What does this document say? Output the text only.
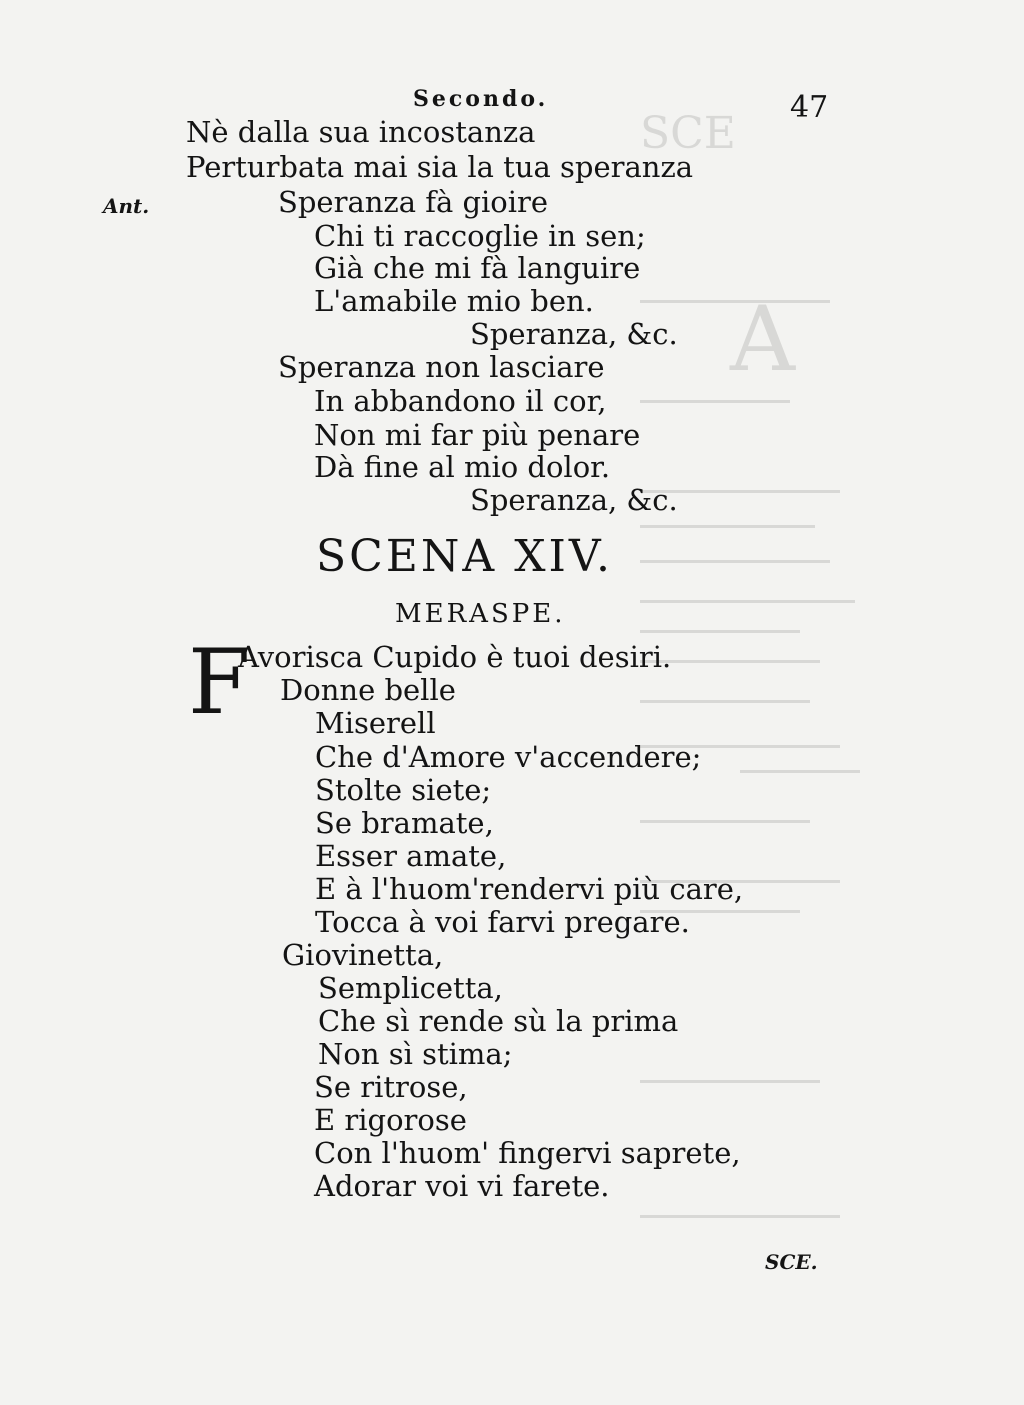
SCE
A
Secondo.	47
Ant.
Nè dalla sua incostanza
Perturbata mai sia la tua speranza
Speranza fà gioire
Chi ti raccoglie in sen;
Già che mi fà languire
L'amabile mio ben.
Speranza, &c.
Speranza non lasciare
In abbandono il cor,
Non mi far più penare
Dà fine al mio dolor.
Speranza, &c.
SCENA XIV.
MERASPE.
F
Avorisca Cupido è tuoi desiri.
Donne belle
Miserell
Che d'Amore v'accendere;
Stolte siete;
Se bramate,
Esser amate,
E à l'huom'rendervi più care,
Tocca à voi farvi pregare.
Giovinetta,
Semplicetta,
Che sì rende sù la prima
Non sì stima;
Se ritrose,
E rigorose
Con l'huom' fingervi saprete,
Adorar voi vi farete.
SCE.
